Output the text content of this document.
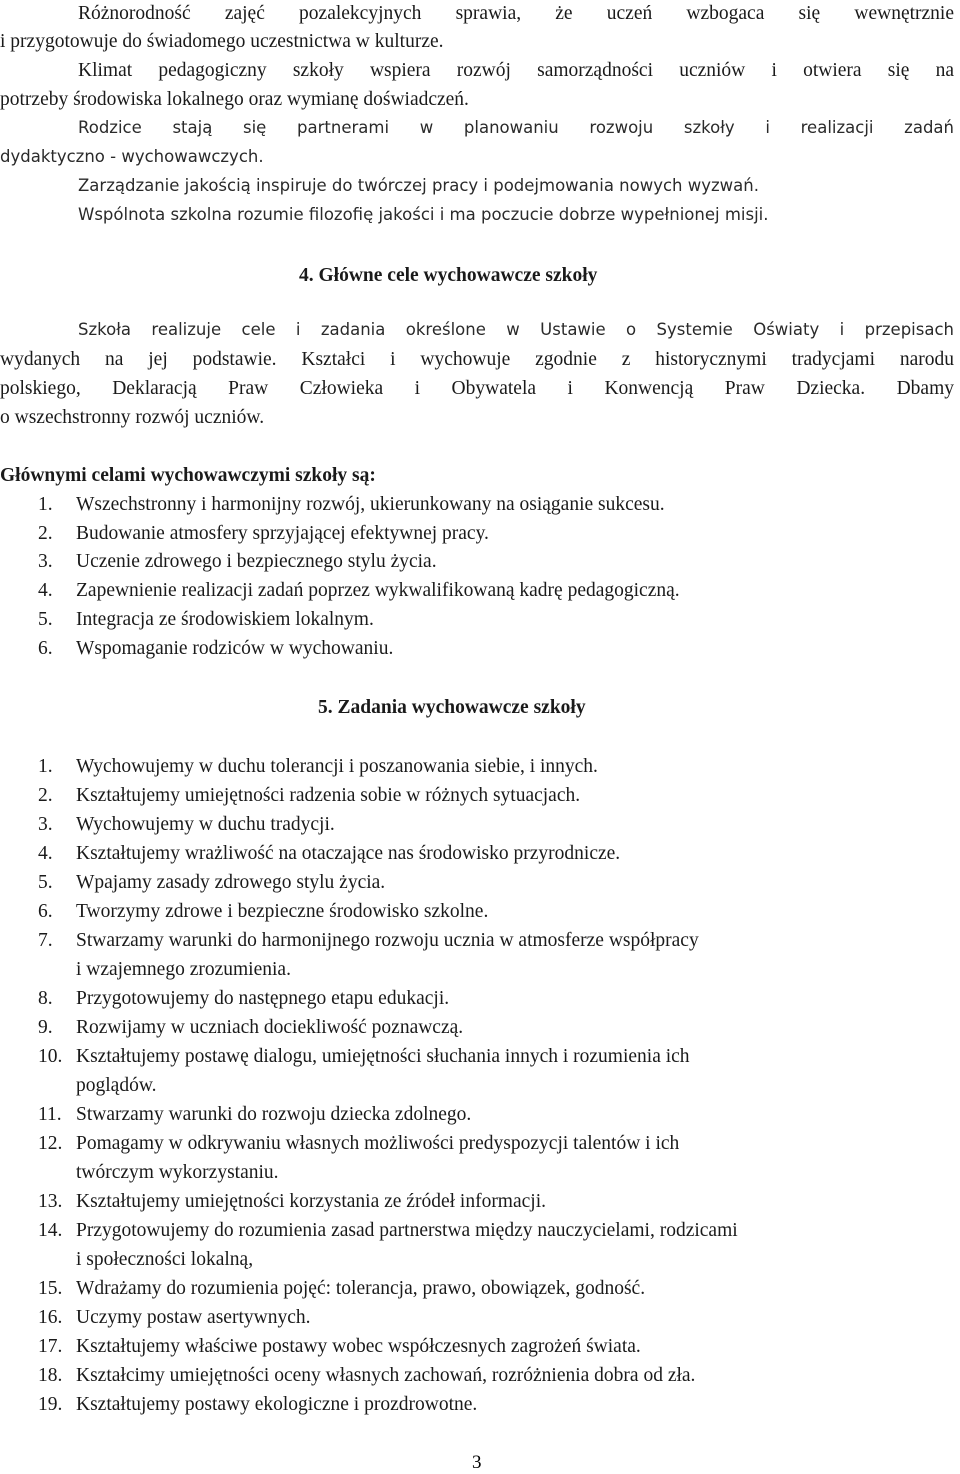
Różnorodność zajęć pozalekcyjnych sprawia, że uczeń wzbogaca się wewnętrznie
i przygotowuje do świadomego uczestnictwa w kulturze.
Klimat pedagogiczny szkoły wspiera rozwój samorządności uczniów i otwiera się na
potrzeby środowiska lokalnego oraz wymianę doświadczeń.
Rodzice stają się partnerami w planowaniu rozwoju szkoły i realizacji zadań
dydaktyczno - wychowawczych.
Zarządzanie jakością inspiruje do twórczej pracy i podejmowania nowych wyzwań.
Wspólnota szkolna rozumie filozofię jakości i ma poczucie dobrze wypełnionej misji.
4. Główne cele wychowawcze szkoły
Szkoła realizuje cele i zadania określone w Ustawie o Systemie Oświaty i przepisach
wydanych na jej podstawie. Kształci i wychowuje zgodnie z historycznymi tradycjami narodu
polskiego, Deklaracją Praw Człowieka i Obywatela i Konwencją Praw Dziecka. Dbamy
o wszechstronny rozwój uczniów.
Głównymi celami wychowawczymi szkoły są:
1. Wszechstronny i harmonijny rozwój, ukierunkowany na osiąganie sukcesu.
2. Budowanie atmosfery sprzyjającej efektywnej pracy.
3. Uczenie zdrowego i bezpiecznego stylu życia.
4. Zapewnienie realizacji zadań poprzez wykwalifikowaną kadrę pedagogiczną.
5. Integracja ze środowiskiem lokalnym.
6. Wspomaganie rodziców w wychowaniu.
5. Zadania wychowawcze szkoły
1. Wychowujemy w duchu tolerancji i poszanowania siebie, i innych.
2. Kształtujemy umiejętności radzenia sobie w różnych sytuacjach.
3. Wychowujemy w duchu tradycji.
4. Kształtujemy wrażliwość na otaczające nas środowisko przyrodnicze.
5. Wpajamy zasady zdrowego stylu życia.
6. Tworzymy zdrowe i bezpieczne środowisko szkolne.
7. Stwarzamy warunki do harmonijnego rozwoju ucznia w atmosferze współpracy
i wzajemnego zrozumienia.
8. Przygotowujemy do następnego etapu edukacji.
9. Rozwijamy w uczniach dociekliwość poznawczą.
10. Kształtujemy postawę dialogu, umiejętności słuchania innych i rozumienia ich
poglądów.
11. Stwarzamy warunki do rozwoju dziecka zdolnego.
12. Pomagamy w odkrywaniu własnych możliwości predyspozycji talentów i ich
twórczym wykorzystaniu.
13. Kształtujemy umiejętności korzystania ze źródeł informacji.
14. Przygotowujemy do rozumienia zasad partnerstwa między nauczycielami, rodzicami
i społeczności lokalną,
15. Wdrażamy do rozumienia pojęć: tolerancja, prawo, obowiązek, godność.
16. Uczymy postaw asertywnych.
17. Kształtujemy właściwe postawy wobec współczesnych zagrożeń świata.
18. Kształcimy umiejętności oceny własnych zachowań, rozróżnienia dobra od zła.
19. Kształtujemy postawy ekologiczne i prozdrowotne.
3
